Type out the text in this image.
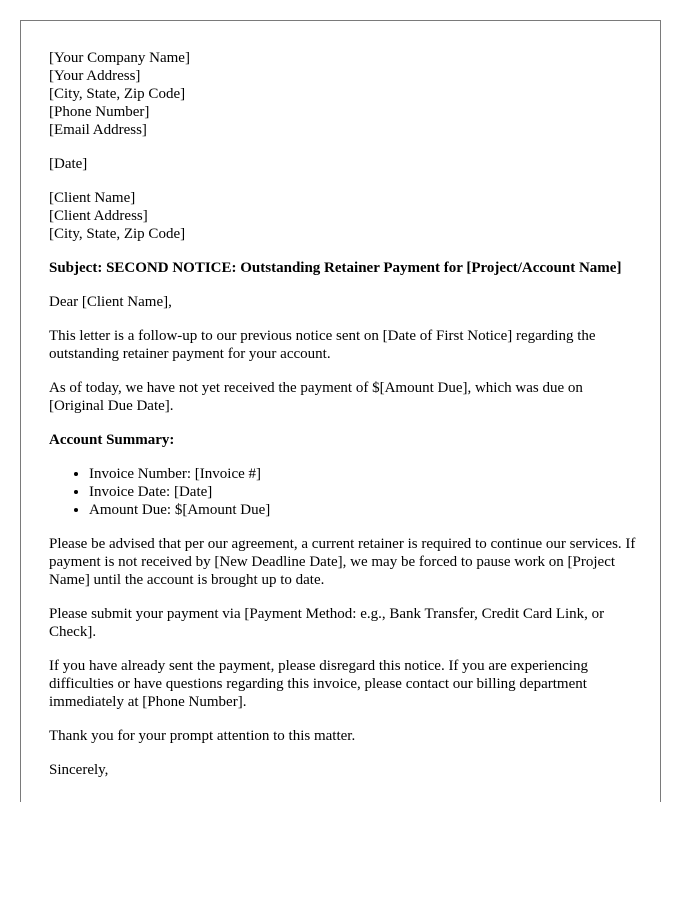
[Your Company Name]
[Your Address]
[City, State, Zip Code]
[Phone Number]
[Email Address]
[Date]
[Client Name]
[Client Address]
[City, State, Zip Code]

Subject: SECOND NOTICE: Outstanding Retainer Payment for [Project/Account Name]

Dear [Client Name],

This letter is a follow-up to our previous notice sent on [Date of First Notice] regarding the outstanding retainer payment for your account.

As of today, we have not yet received the payment of $[Amount Due], which was due on [Original Due Date].

Account Summary:
• Invoice Number: [Invoice #]
• Invoice Date: [Date]
• Amount Due: $[Amount Due]

Please be advised that per our agreement, a current retainer is required to continue our services. If payment is not received by [New Deadline Date], we may be forced to pause work on [Project Name] until the account is brought up to date.

Please submit your payment via [Payment Method: e.g., Bank Transfer, Credit Card Link, or Check].

If you have already sent the payment, please disregard this notice. If you are experiencing difficulties or have questions regarding this invoice, please contact our billing department immediately at [Phone Number].

Thank you for your prompt attention to this matter.

Sincerely,
